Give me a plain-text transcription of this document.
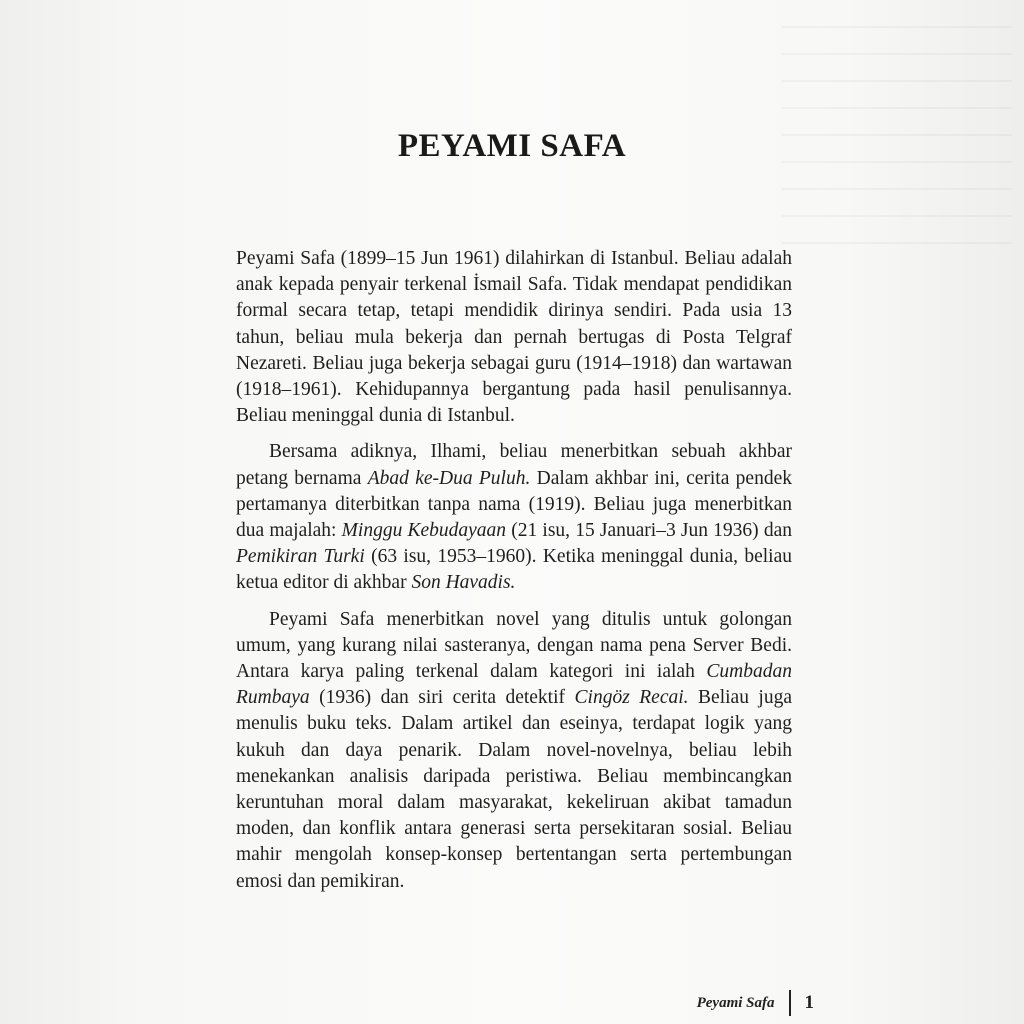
PEYAMI SAFA

Peyami Safa (1899–15 Jun 1961) dilahirkan di Istanbul. Beliau adalah
anak kepada penyair terkenal İsmail Safa. Tidak mendapat pendidikan
formal secara tetap, tetapi mendidik dirinya sendiri. Pada usia 13
tahun, beliau mula bekerja dan pernah bertugas di Posta Telgraf
Nezareti. Beliau juga bekerja sebagai guru (1914–1918) dan wartawan
(1918–1961). Kehidupannya bergantung pada hasil penulisannya.
Beliau meninggal dunia di Istanbul.

Bersama adiknya, Ilhami, beliau menerbitkan sebuah akhbar
petang bernama Abad ke-Dua Puluh. Dalam akhbar ini, cerita pendek
pertamanya diterbitkan tanpa nama (1919). Beliau juga menerbitkan
dua majalah: Minggu Kebudayaan (21 isu, 15 Januari–3 Jun 1936) dan
Pemikiran Turki (63 isu, 1953–1960). Ketika meninggal dunia, beliau
ketua editor di akhbar Son Havadis.

Peyami Safa menerbitkan novel yang ditulis untuk golongan
umum, yang kurang nilai sasteranya, dengan nama pena Server Bedi.
Antara karya paling terkenal dalam kategori ini ialah Cumbadan
Rumbaya (1936) dan siri cerita detektif Cingöz Recai. Beliau juga
menulis buku teks. Dalam artikel dan eseinya, terdapat logik yang
kukuh dan daya penarik. Dalam novel-novelnya, beliau lebih
menekankan analisis daripada peristiwa. Beliau membincangkan
keruntuhan moral dalam masyarakat, kekeliruan akibat tamadun
moden, dan konflik antara generasi serta persekitaran sosial. Beliau
mahir mengolah konsep-konsep bertentangan serta pertembungan
emosi dan pemikiran.

Peyami Safa 1
